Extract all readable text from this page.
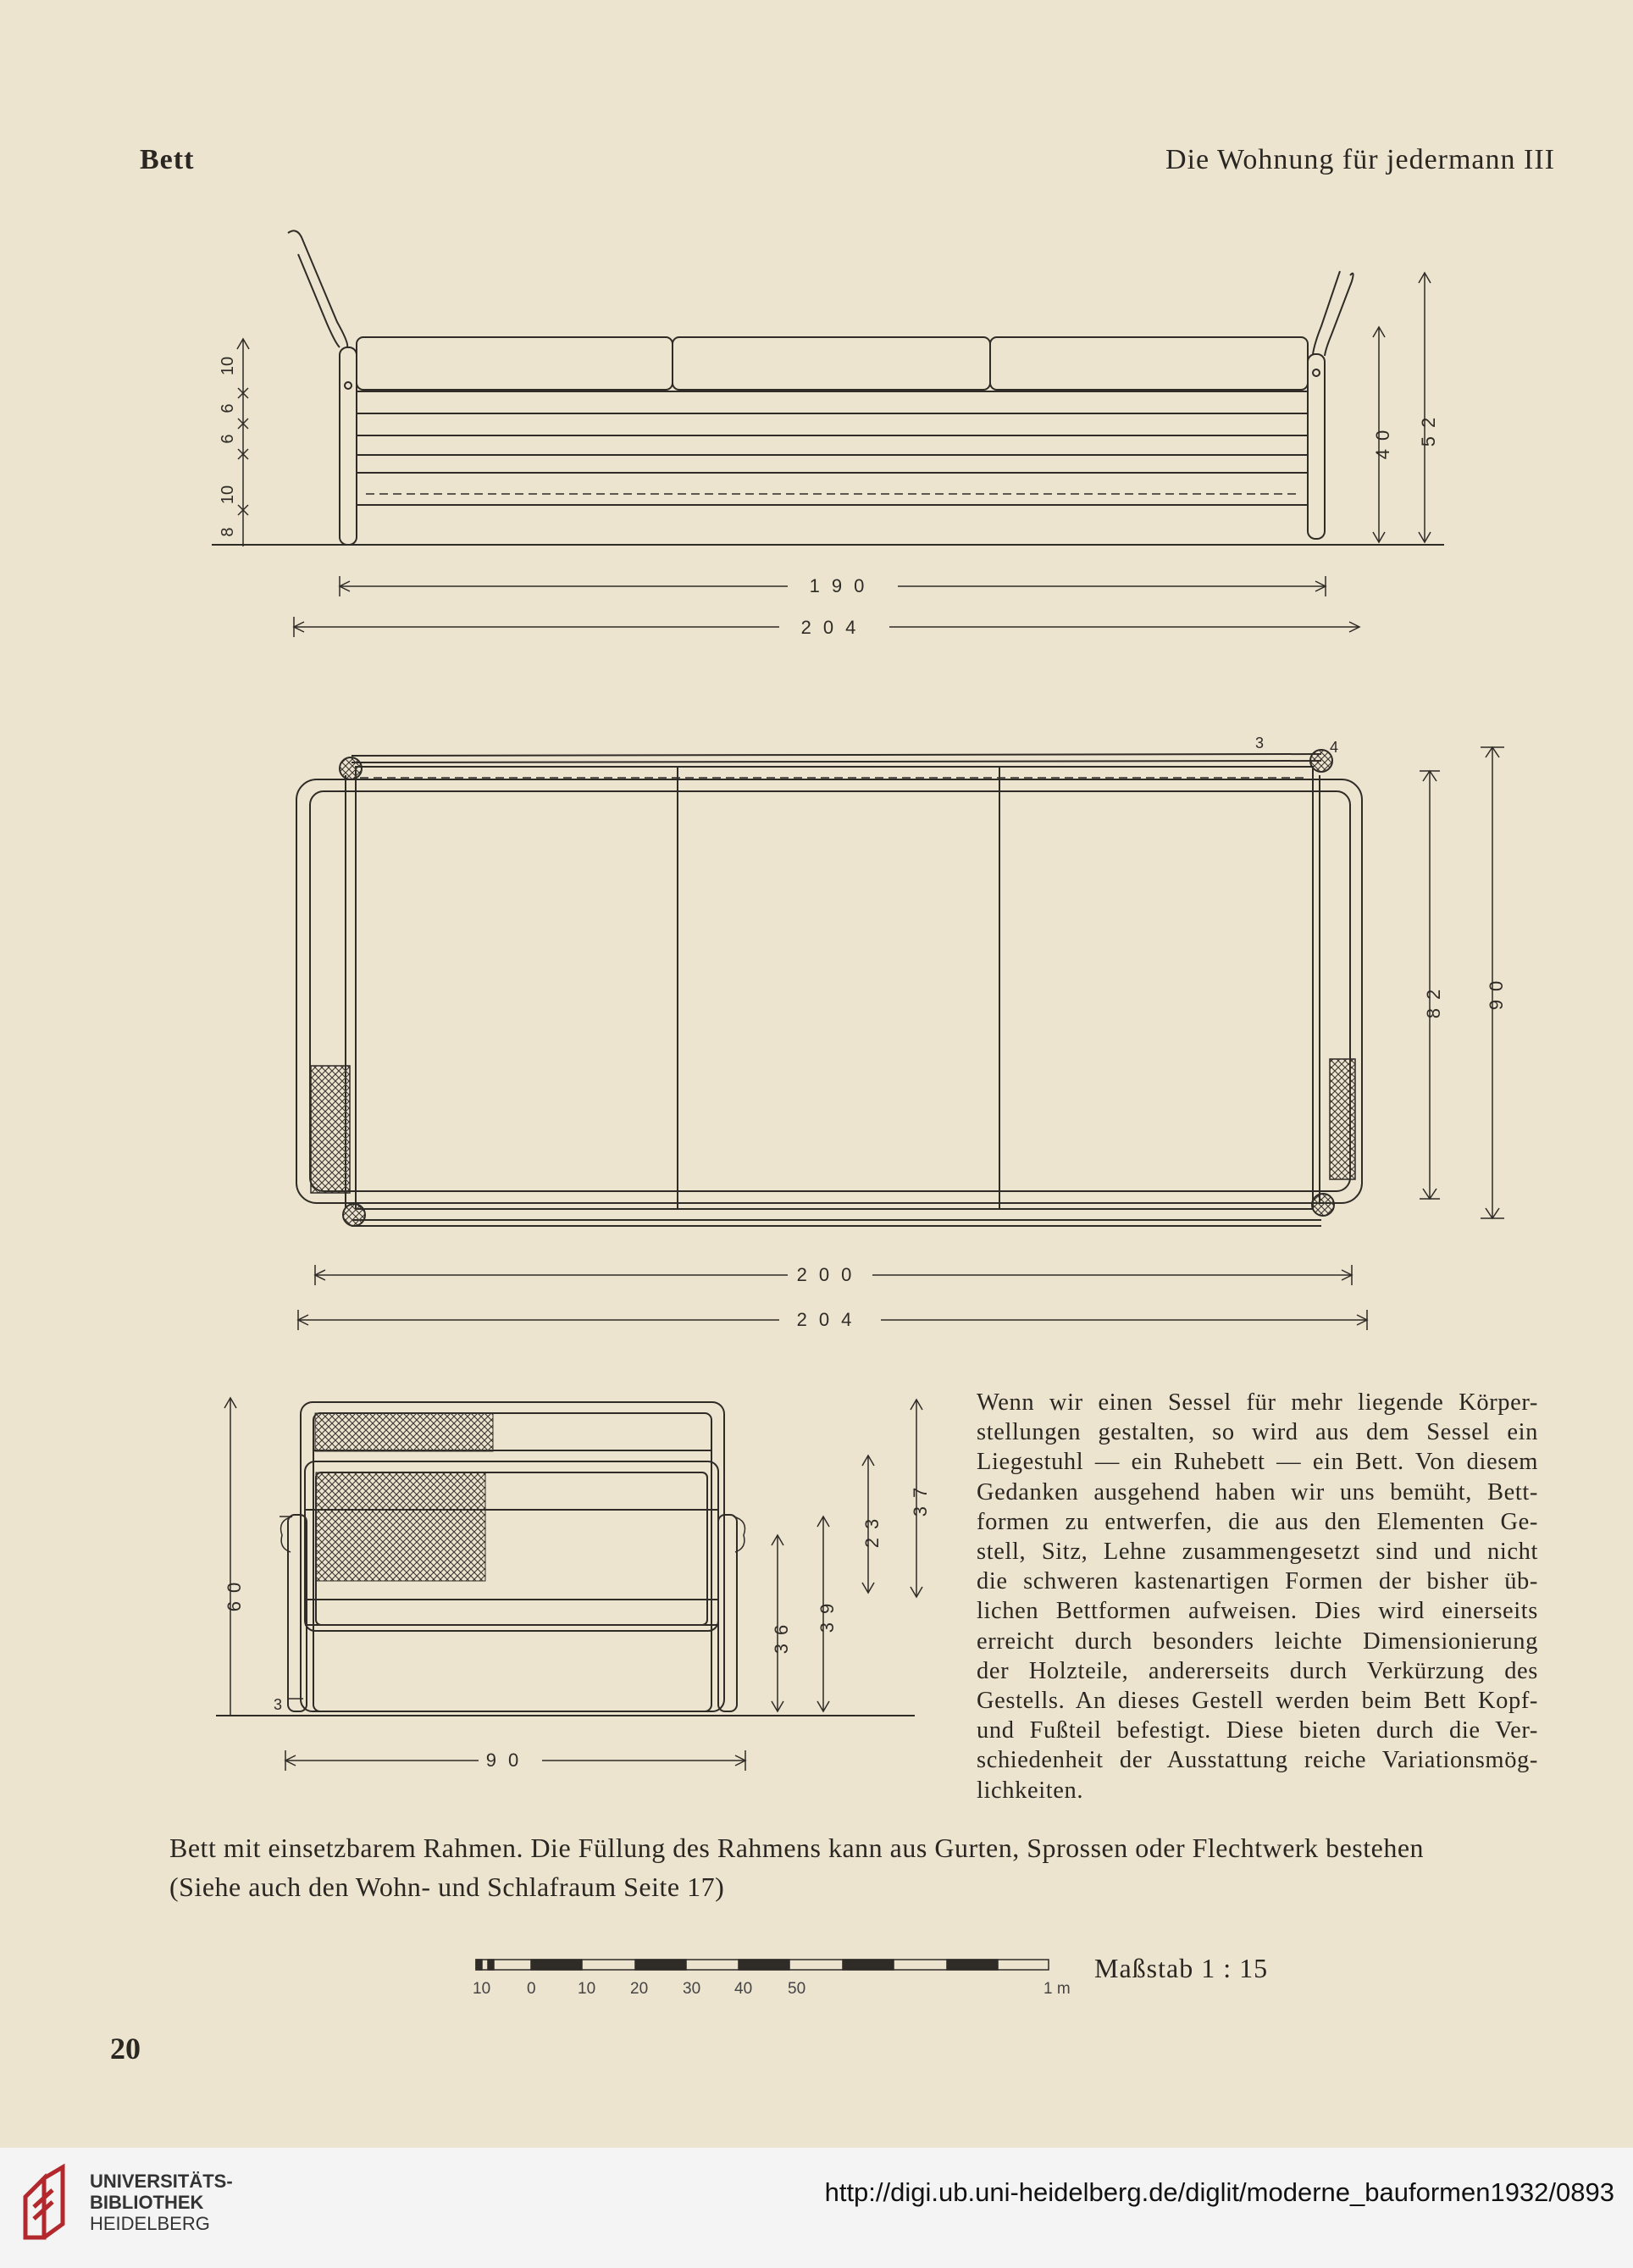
Bett	Die Wohnung für jedermann III
8
10
6
6
10
40 52
190
204
3	4
82 90
200
204
60
36
39
23
37
90
3
Wenn wir einen Sessel für mehr liegende Körper-
stellungen gestalten, so wird aus dem Sessel ein
Liegestuhl — ein Ruhebett — ein Bett. Von diesem
Gedanken ausgehend haben wir uns bemüht, Bett-
formen zu entwerfen, die aus den Elementen Ge-
stell, Sitz, Lehne zusammengesetzt sind und nicht
die schweren kastenartigen Formen der bisher üb-
lichen Bettformen aufweisen. Dies wird einerseits
erreicht durch besonders leichte Dimensionierung
der Holzteile, andererseits durch Verkürzung des
Gestells. An dieses Gestell werden beim Bett Kopf-
und Fußteil befestigt. Diese bieten durch die Ver-
schiedenheit der Ausstattung reiche Variationsmög-
lichkeiten.
Bett mit einsetzbarem Rahmen. Die Füllung des Rahmens kann aus Gurten, Sprossen oder Flechtwerk bestehen
(Siehe auch den Wohn- und Schlafraum Seite 17)
10 0	10 20 30 40 50	1 m
Maßstab 1 : 15
20
UNIVERSITÄTS-
BIBLIOTHEK
HEIDELBERG
http://digi.ub.uni-heidelberg.de/diglit/moderne_bauformen1932/0893
